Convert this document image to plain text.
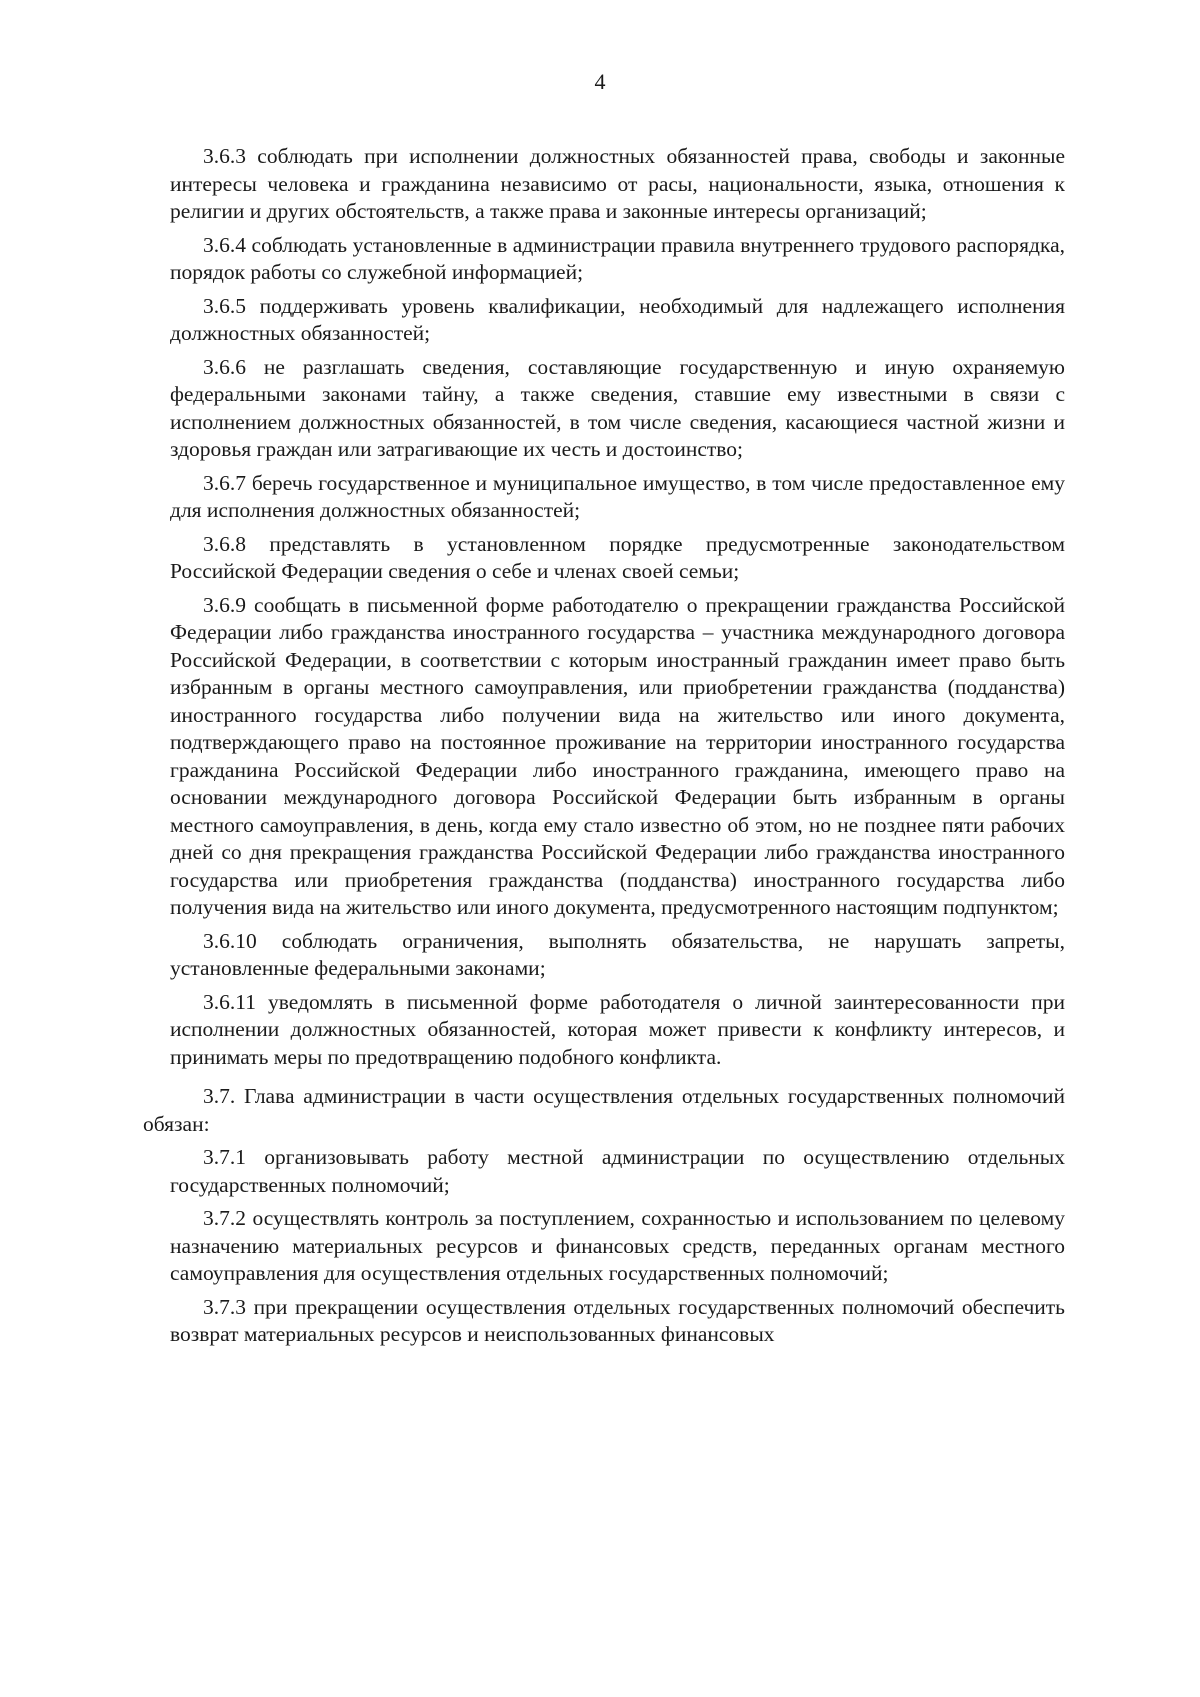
4

3.6.3 соблюдать при исполнении должностных обязанностей права, свободы и законные интересы человека и гражданина независимо от расы, национальности, языка, отношения к религии и других обстоятельств, а также права и законные интересы организаций;

3.6.4 соблюдать установленные в администрации правила внутреннего трудового распорядка, порядок работы со служебной информацией;

3.6.5 поддерживать уровень квалификации, необходимый для надлежащего исполнения должностных обязанностей;

3.6.6 не разглашать сведения, составляющие государственную и иную охраняемую федеральными законами тайну, а также сведения, ставшие ему известными в связи с исполнением должностных обязанностей, в том числе сведения, касающиеся частной жизни и здоровья граждан или затрагивающие их честь и достоинство;

3.6.7 беречь государственное и муниципальное имущество, в том числе предоставленное ему для исполнения должностных обязанностей;

3.6.8 представлять в установленном порядке предусмотренные законодательством Российской Федерации сведения о себе и членах своей семьи;

3.6.9 сообщать в письменной форме работодателю о прекращении гражданства Российской Федерации либо гражданства иностранного государства – участника международного договора Российской Федерации, в соответствии с которым иностранный гражданин имеет право быть избранным в органы местного самоуправления, или приобретении гражданства (подданства) иностранного государства либо получении вида на жительство или иного документа, подтверждающего право на постоянное проживание на территории иностранного государства гражданина Российской Федерации либо иностранного гражданина, имеющего право на основании международного договора Российской Федерации быть избранным в органы местного самоуправления, в день, когда ему стало известно об этом, но не позднее пяти рабочих дней со дня прекращения гражданства Российской Федерации либо гражданства иностранного государства или приобретения гражданства (подданства) иностранного государства либо получения вида на жительство или иного документа, предусмотренного настоящим подпунктом;

3.6.10 соблюдать ограничения, выполнять обязательства, не нарушать запреты, установленные федеральными законами;

3.6.11 уведомлять в письменной форме работодателя о личной заинтересованности при исполнении должностных обязанностей, которая может привести к конфликту интересов, и принимать меры по предотвращению подобного конфликта.

3.7. Глава администрации в части осуществления отдельных государственных полномочий обязан:

3.7.1 организовывать работу местной администрации по осуществлению отдельных государственных полномочий;

3.7.2 осуществлять контроль за поступлением, сохранностью и использованием по целевому назначению материальных ресурсов и финансовых средств, переданных органам местного самоуправления для осуществления отдельных государственных полномочий;

3.7.3 при прекращении осуществления отдельных государственных полномочий обеспечить возврат материальных ресурсов и неиспользованных финансовых
